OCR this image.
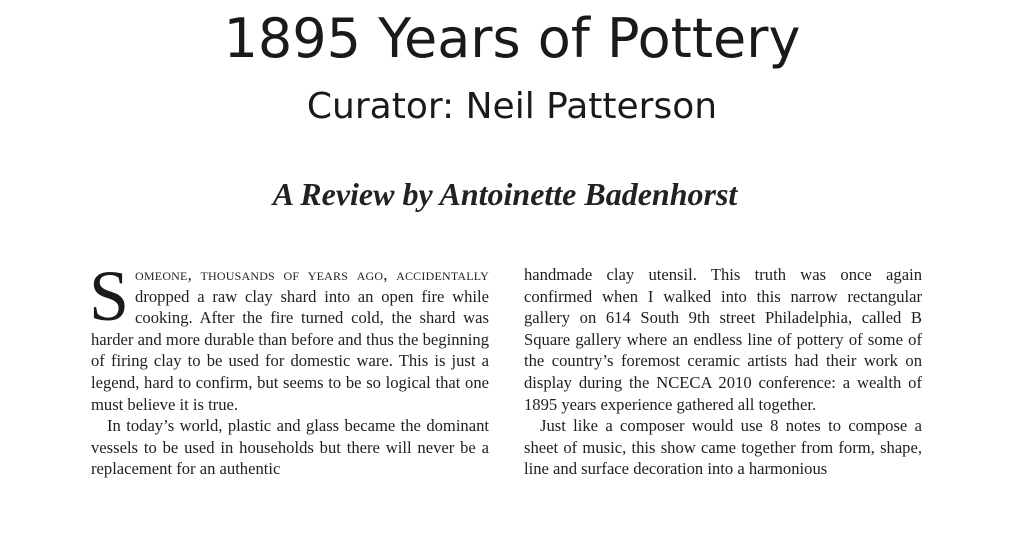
1895 Years of Pottery
Curator: Neil Patterson
A Review by Antoinette Badenhorst

Someone, thousands of years ago, accidentally dropped a raw clay shard into an open fire while cooking. After the fire turned cold, the shard was harder and more durable than before and thus the beginning of firing clay to be used for domestic ware. This is just a legend, hard to confirm, but seems to be so logical that one must believe it is true.

In today’s world, plastic and glass became the dominant vessels to be used in households but there will never be a replacement for an authentic

handmade clay utensil. This truth was once again confirmed when I walked into this narrow rectangular gallery on 614 South 9th street Philadelphia, called B Square gallery where an endless line of pottery of some of the country’s foremost ceramic artists had their work on display during the NCECA 2010 conference: a wealth of 1895 years experience gathered all together.

Just like a composer would use 8 notes to compose a sheet of music, this show came together from form, shape, line and surface decoration into a harmonious
